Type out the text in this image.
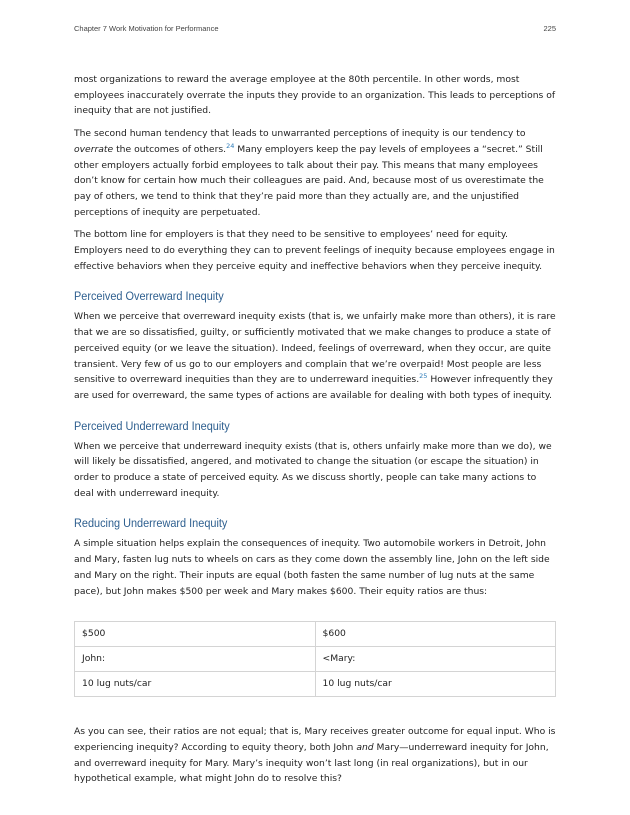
Chapter 7 Work Motivation for Performance	225

most organizations to reward the average employee at the 80th percentile. In other words, most employees inaccurately overrate the inputs they provide to an organization. This leads to perceptions of inequity that are not justified.

The second human tendency that leads to unwarranted perceptions of inequity is our tendency to overrate the outcomes of others.$^{24}$ Many employers keep the pay levels of employees a “secret.” Still other employers actually forbid employees to talk about their pay. This means that many employees don’t know for certain how much their colleagues are paid. And, because most of us overestimate the pay of others, we tend to think that they’re paid more than they actually are, and the unjustified perceptions of inequity are perpetuated.

The bottom line for employers is that they need to be sensitive to employees’ need for equity. Employers need to do everything they can to prevent feelings of inequity because employees engage in effective behaviors when they perceive equity and ineffective behaviors when they perceive inequity.

Perceived Overreward Inequity

When we perceive that overreward inequity exists (that is, we unfairly make more than others), it is rare that we are so dissatisfied, guilty, or sufficiently motivated that we make changes to produce a state of perceived equity (or we leave the situation). Indeed, feelings of overreward, when they occur, are quite transient. Very few of us go to our employers and complain that we’re overpaid! Most people are less sensitive to overreward inequities than they are to underreward inequities.$^{25}$ However infrequently they are used for overreward, the same types of actions are available for dealing with both types of inequity.

Perceived Underreward Inequity

When we perceive that underreward inequity exists (that is, others unfairly make more than we do), we will likely be dissatisfied, angered, and motivated to change the situation (or escape the situation) in order to produce a state of perceived equity. As we discuss shortly, people can take many actions to deal with underreward inequity.

Reducing Underreward Inequity

A simple situation helps explain the consequences of inequity. Two automobile workers in Detroit, John and Mary, fasten lug nuts to wheels on cars as they come down the assembly line, John on the left side and Mary on the right. Their inputs are equal (both fasten the same number of lug nuts at the same pace), but John makes $500 per week and Mary makes $600. Their equity ratios are thus:

$500	$600
John:	<Mary:
10 lug nuts/car	10 lug nuts/car

As you can see, their ratios are not equal; that is, Mary receives greater outcome for equal input. Who is experiencing inequity? According to equity theory, both John and Mary—underreward inequity for John, and overreward inequity for Mary. Mary’s inequity won’t last long (in real organizations), but in our hypothetical example, what might John do to resolve this?
